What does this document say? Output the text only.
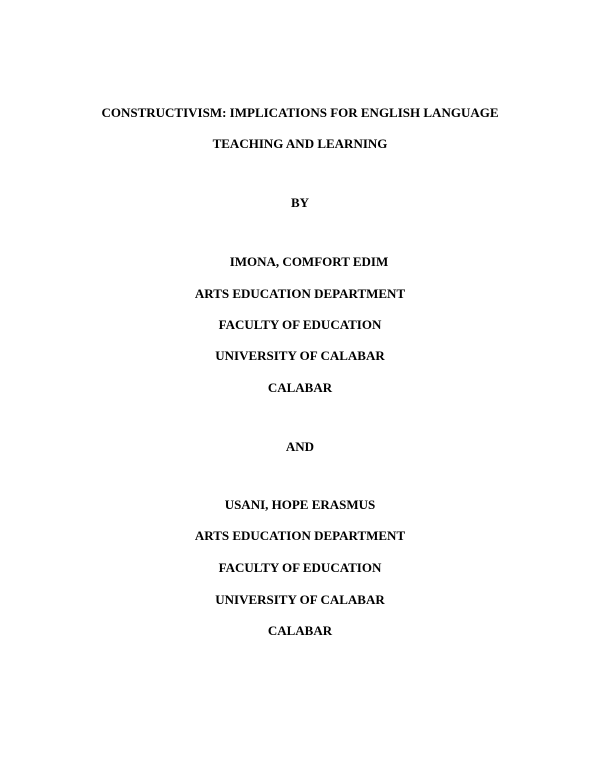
CONSTRUCTIVISM: IMPLICATIONS FOR ENGLISH LANGUAGE
TEACHING AND LEARNING
BY
IMONA, COMFORT EDIM
ARTS EDUCATION DEPARTMENT
FACULTY OF EDUCATION
UNIVERSITY OF CALABAR
CALABAR
AND
USANI, HOPE ERASMUS
ARTS EDUCATION DEPARTMENT
FACULTY OF EDUCATION
UNIVERSITY OF CALABAR
CALABAR
